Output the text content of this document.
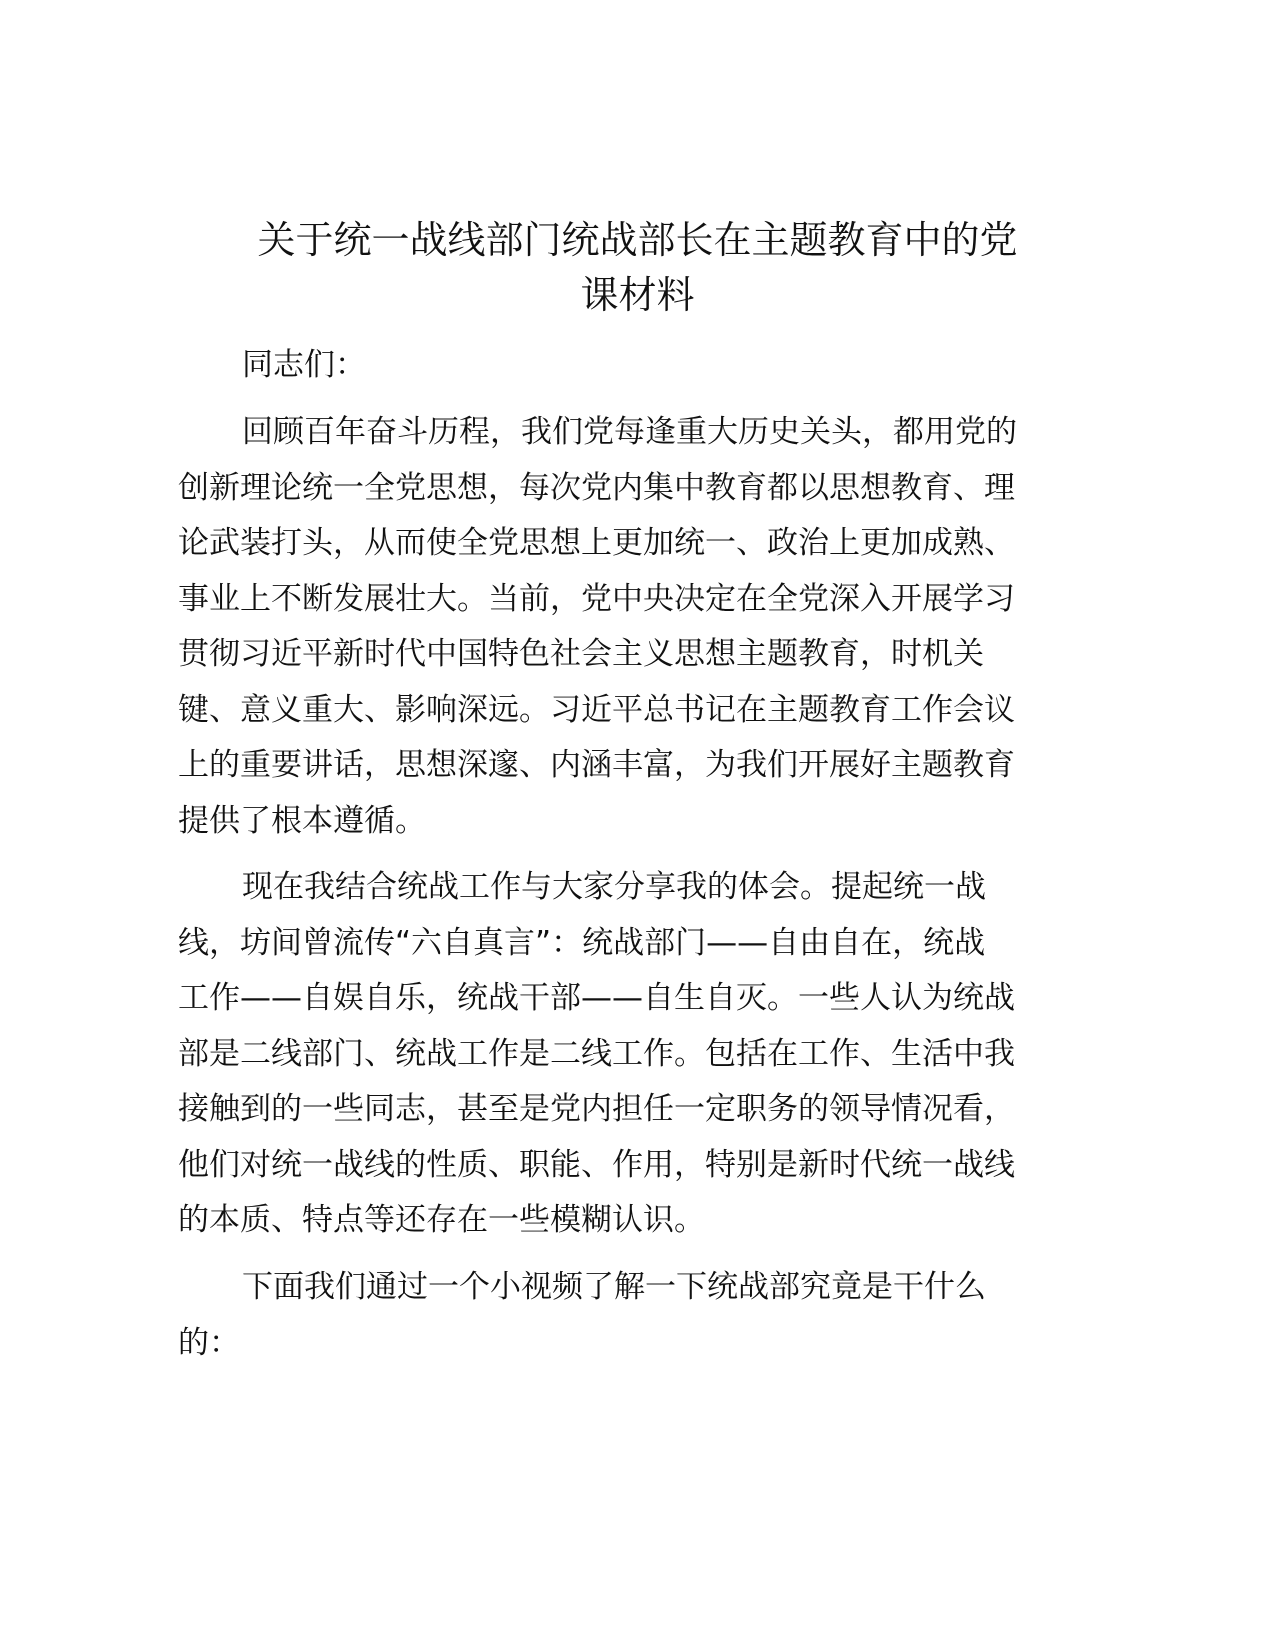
关于统一战线部门统战部长在主题教育中的党
课材料
同志们：
回顾百年奋斗历程，我们党每逢重大历史关头，都用党的
创新理论统一全党思想，每次党内集中教育都以思想教育、理
论武装打头，从而使全党思想上更加统一、政治上更加成熟、
事业上不断发展壮大。当前，党中央决定在全党深入开展学习
贯彻习近平新时代中国特色社会主义思想主题教育，时机关
键、意义重大、影响深远。习近平总书记在主题教育工作会议
上的重要讲话，思想深邃、内涵丰富，为我们开展好主题教育
提供了根本遵循。
现在我结合统战工作与大家分享我的体会。提起统一战
线，坊间曾流传“六自真言”：统战部门——自由自在，统战
工作——自娱自乐，统战干部——自生自灭。一些人认为统战
部是二线部门、统战工作是二线工作。包括在工作、生活中我
接触到的一些同志，甚至是党内担任一定职务的领导情况看，
他们对统一战线的性质、职能、作用，特别是新时代统一战线
的本质、特点等还存在一些模糊认识。
下面我们通过一个小视频了解一下统战部究竟是干什么
的：
